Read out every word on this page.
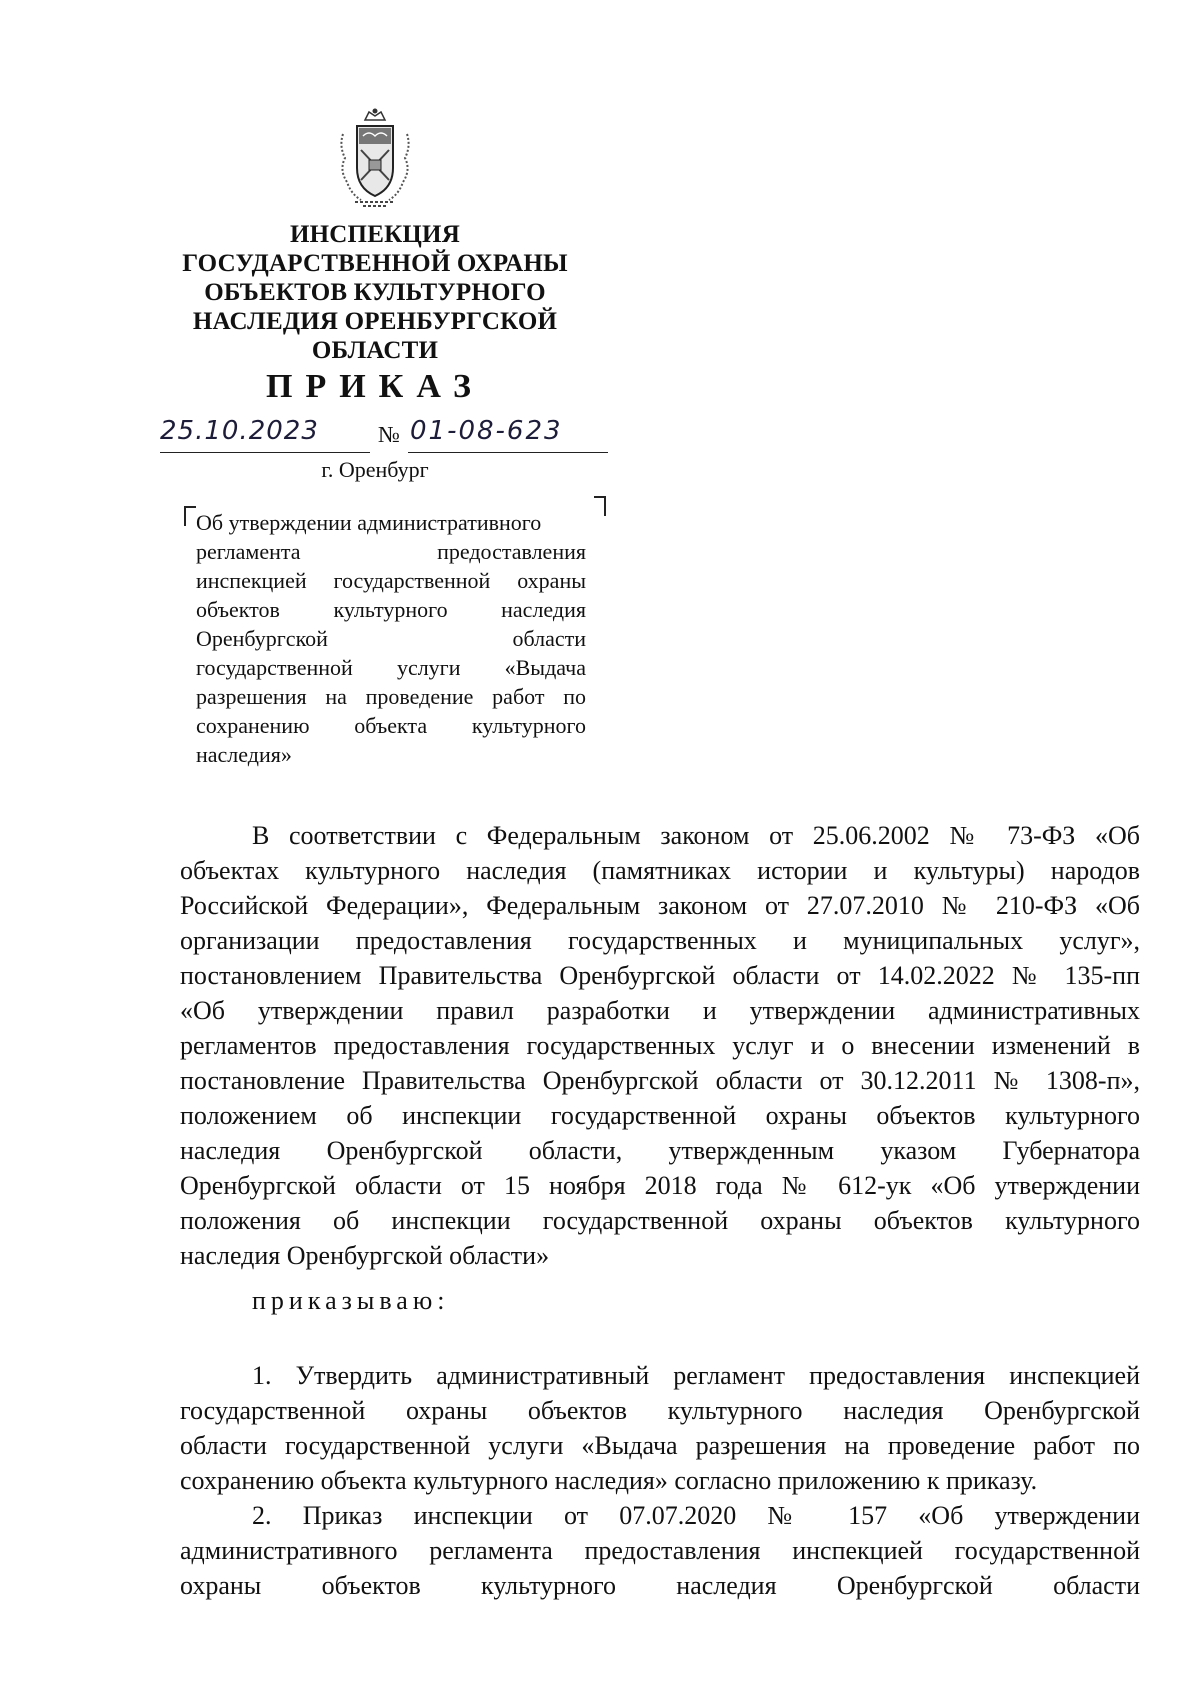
ИНСПЕКЦИЯ
ГОСУДАРСТВЕННОЙ ОХРАНЫ
ОБЪЕКТОВ КУЛЬТУРНОГО
НАСЛЕДИЯ ОРЕНБУРГСКОЙ
ОБЛАСТИ
ПРИКАЗ
25.10.2023	№ 01-08-623
г. Оренбург
Об утверждении административного
регламента предоставления
инспекцией государственной охраны
объектов культурного наследия
Оренбургской области
государственной услуги «Выдача
разрешения на проведение работ по
сохранению объекта культурного
наследия»
В соответствии с Федеральным законом от 25.06.2002 № 73-ФЗ «Об
объектах культурного наследия (памятниках истории и культуры) народов
Российской Федерации», Федеральным законом от 27.07.2010 № 210-ФЗ «Об
организации предоставления государственных и муниципальных услуг»,
постановлением Правительства Оренбургской области от 14.02.2022 № 135-пп
«Об утверждении правил разработки и утверждении административных
регламентов предоставления государственных услуг и о внесении изменений в
постановление Правительства Оренбургской области от 30.12.2011 № 1308-п»,
положением об инспекции государственной охраны объектов культурного
наследия Оренбургской области, утвержденным указом Губернатора
Оренбургской области от 15 ноября 2018 года № 612-ук «Об утверждении
положения об инспекции государственной охраны объектов культурного
наследия Оренбургской области»
приказываю:
1. Утвердить административный регламент предоставления инспекцией
государственной охраны объектов культурного наследия Оренбургской
области государственной услуги «Выдача разрешения на проведение работ по
сохранению объекта культурного наследия» согласно приложению к приказу.
2. Приказ инспекции от 07.07.2020 № 157 «Об утверждении
административного регламента предоставления инспекцией государственной
охраны объектов культурного наследия Оренбургской области
